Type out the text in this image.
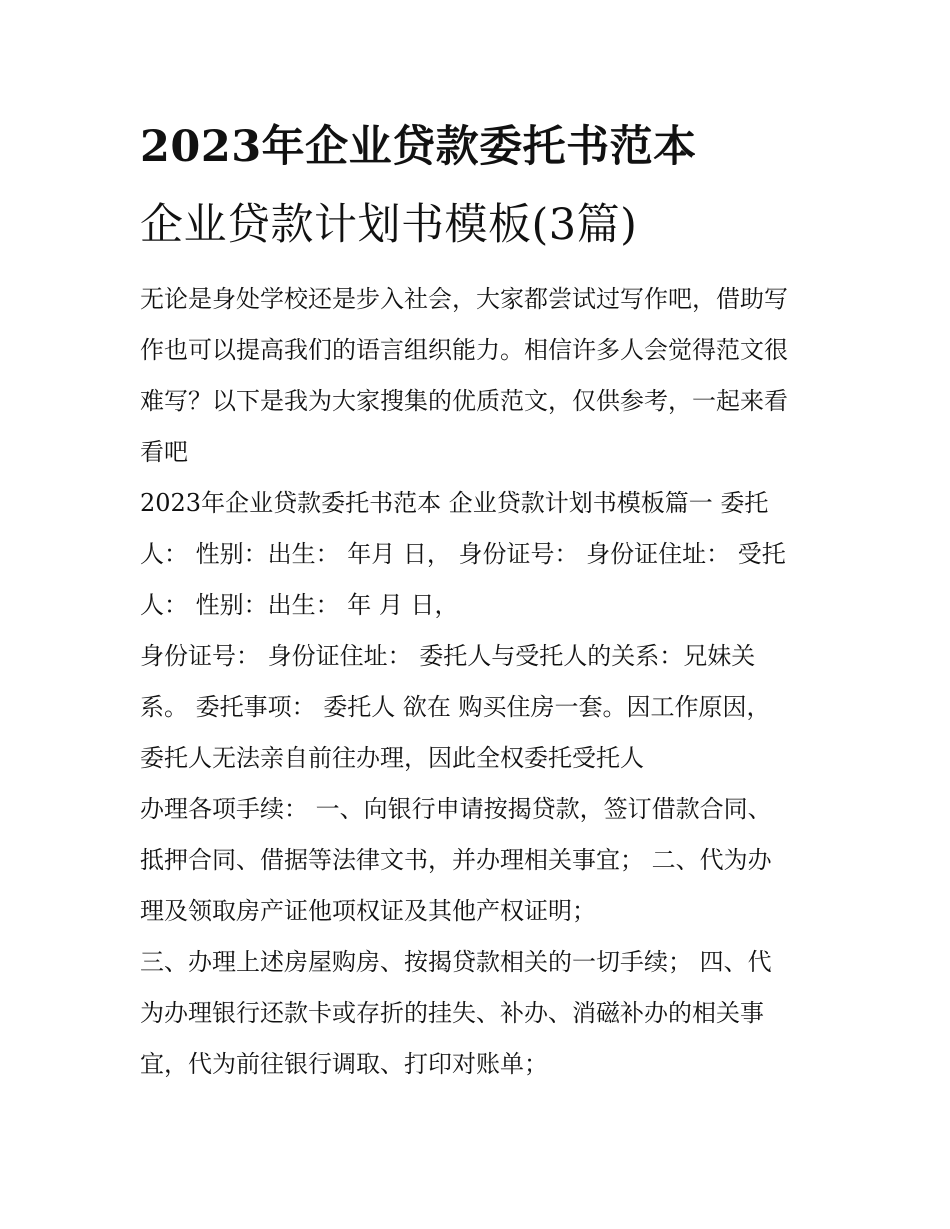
2023年企业贷款委托书范本
企业贷款计划书模板(3篇)

无论是身处学校还是步入社会，大家都尝试过写作吧，借助写

作也可以提高我们的语言组织能力。相信许多人会觉得范文很

难写？以下是我为大家搜集的优质范文，仅供参考，一起来看

看吧

2023年企业贷款委托书范本 企业贷款计划书模板篇一 委托

人： 性别：出生： 年月 日， 身份证号： 身份证住址： 受托

人： 性别：出生： 年 月 日，

身份证号： 身份证住址： 委托人与受托人的关系：兄妹关

系。 委托事项： 委托人 欲在 购买住房一套。因工作原因，

委托人无法亲自前往办理，因此全权委托受托人

办理各项手续： 一、向银行申请按揭贷款，签订借款合同、

抵押合同、借据等法律文书，并办理相关事宜； 二、代为办

理及领取房产证他项权证及其他产权证明；

三、办理上述房屋购房、按揭贷款相关的一切手续； 四、代

为办理银行还款卡或存折的挂失、补办、消磁补办的相关事

宜，代为前往银行调取、打印对账单；
